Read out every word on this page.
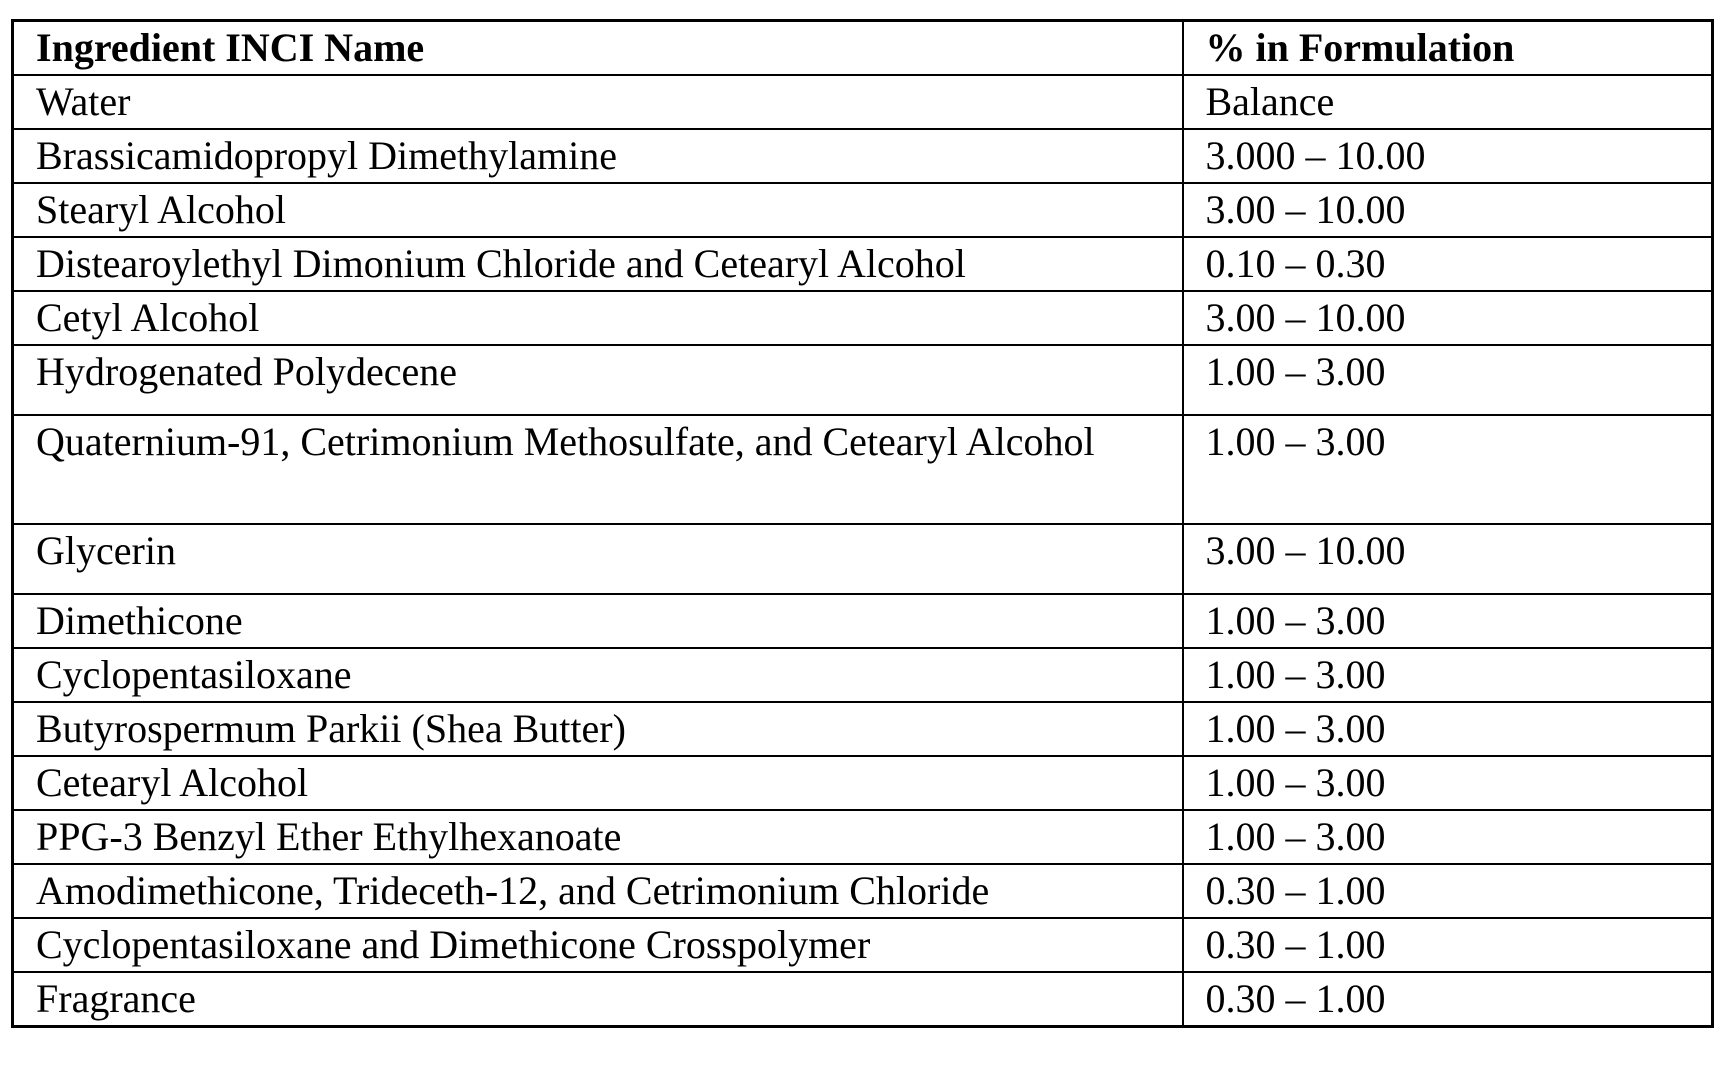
Ingredient INCI Name	% in Formulation
Water	Balance
Brassicamidopropyl Dimethylamine	3.000 – 10.00
Stearyl Alcohol	3.00 – 10.00
Distearoylethyl Dimonium Chloride and Cetearyl Alcohol	0.10 – 0.30
Cetyl Alcohol	3.00 – 10.00
Hydrogenated Polydecene	1.00 – 3.00
Quaternium-91, Cetrimonium Methosulfate, and Cetearyl Alcohol	1.00 – 3.00
Glycerin	3.00 – 10.00
Dimethicone	1.00 – 3.00
Cyclopentasiloxane	1.00 – 3.00
Butyrospermum Parkii (Shea Butter)	1.00 – 3.00
Cetearyl Alcohol	1.00 – 3.00
PPG-3 Benzyl Ether Ethylhexanoate	1.00 – 3.00
Amodimethicone, Trideceth-12, and Cetrimonium Chloride	0.30 – 1.00
Cyclopentasiloxane and Dimethicone Crosspolymer	0.30 – 1.00
Fragrance	0.30 – 1.00
